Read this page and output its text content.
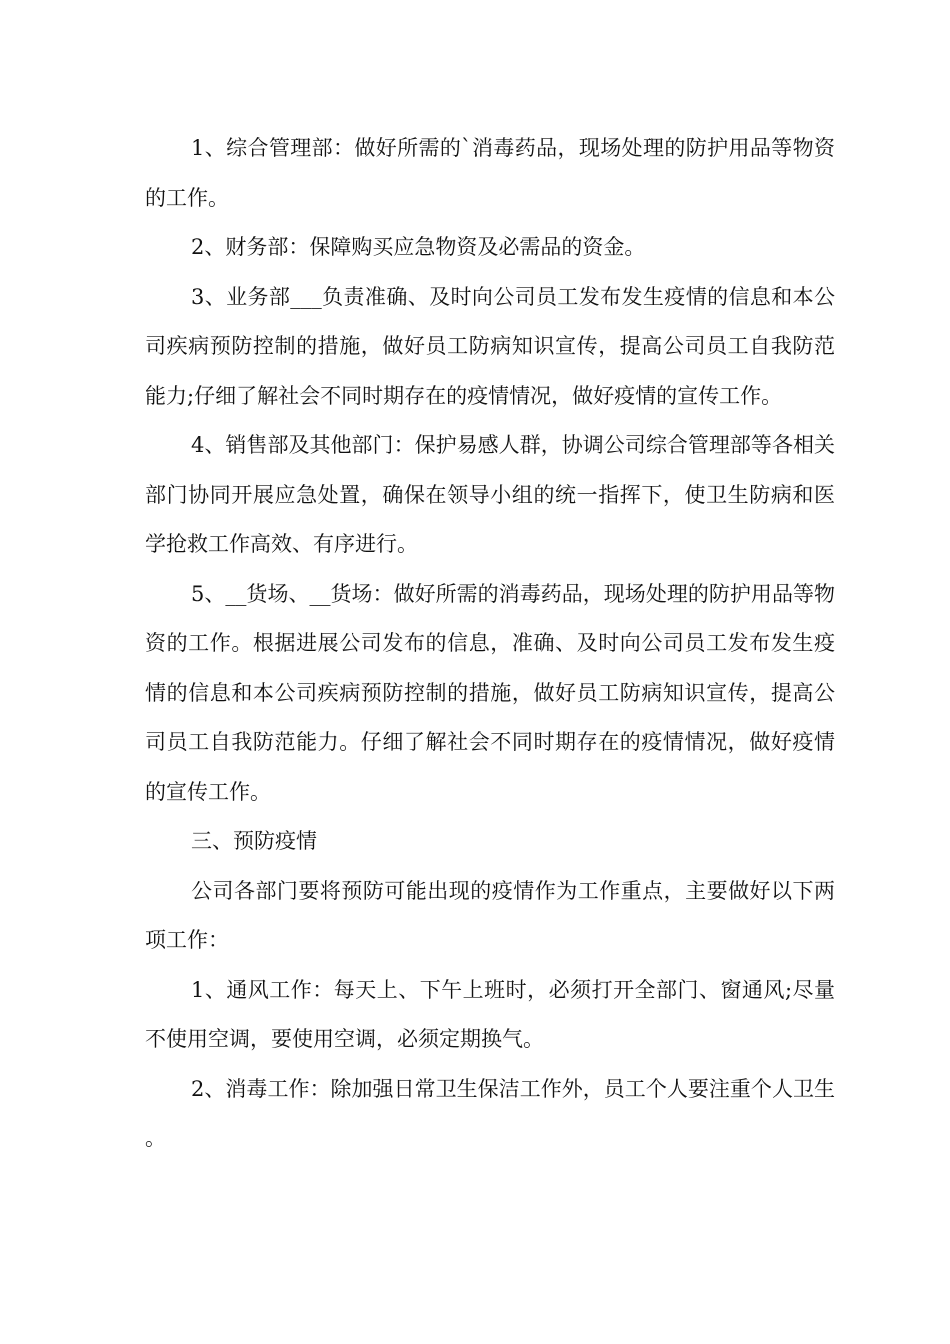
1、综合管理部：做好所需的`消毒药品，现场处理的防护用品等物资的工作。

2、财务部：保障购买应急物资及必需品的资金。

3、业务部___负责准确、及时向公司员工发布发生疫情的信息和本公司疾病预防控制的措施，做好员工防病知识宣传，提高公司员工自我防范能力;仔细了解社会不同时期存在的疫情情况，做好疫情的宣传工作。

4、销售部及其他部门：保护易感人群，协调公司综合管理部等各相关部门协同开展应急处置，确保在领导小组的统一指挥下，使卫生防病和医学抢救工作高效、有序进行。

5、__货场、__货场：做好所需的消毒药品，现场处理的防护用品等物资的工作。根据进展公司发布的信息，准确、及时向公司员工发布发生疫情的信息和本公司疾病预防控制的措施，做好员工防病知识宣传，提高公司员工自我防范能力。仔细了解社会不同时期存在的疫情情况，做好疫情的宣传工作。

三、预防疫情

公司各部门要将预防可能出现的疫情作为工作重点，主要做好以下两项工作：

1、通风工作：每天上、下午上班时，必须打开全部门、窗通风;尽量不使用空调，要使用空调，必须定期换气。

2、消毒工作：除加强日常卫生保洁工作外，员工个人要注重个人卫生。
